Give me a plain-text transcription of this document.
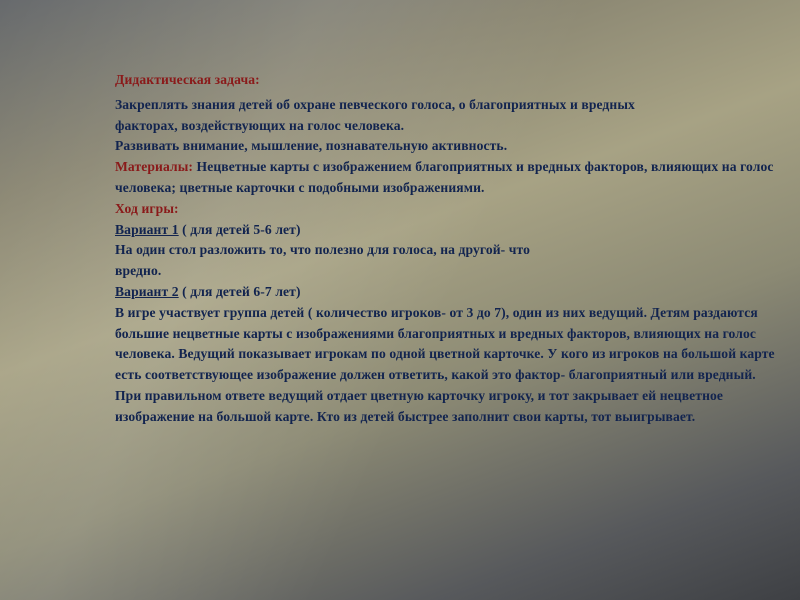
Дидактическая задача:

Закреплять знания детей об охране певческого голоса, о благоприятных и вредных

факторах, воздействующих на голос человека.

Развивать внимание, мышление, познавательную активность.

Материалы: Нецветные карты с изображением благоприятных и вредных факторов, влияющих на голос человека; цветные карточки с подобными изображениями.

Ход игры:

Вариант 1 ( для детей 5-6 лет)

На один стол разложить то, что полезно для голоса, на другой- что

вредно.

Вариант 2 ( для детей 6-7 лет)

В игре участвует группа детей ( количество игроков- от 3 до 7), один из них ведущий. Детям раздаются большие нецветные карты с изображениями благоприятных и вредных факторов, влияющих на голос человека. Ведущий показывает игрокам по одной цветной карточке. У кого из игроков на большой карте есть соответствующее изображение должен ответить, какой это фактор- благоприятный или вредный. При правильном ответе ведущий отдает цветную карточку игроку, и тот закрывает ей нецветное изображение на большой карте. Кто из детей быстрее заполнит свои карты, тот выигрывает.
